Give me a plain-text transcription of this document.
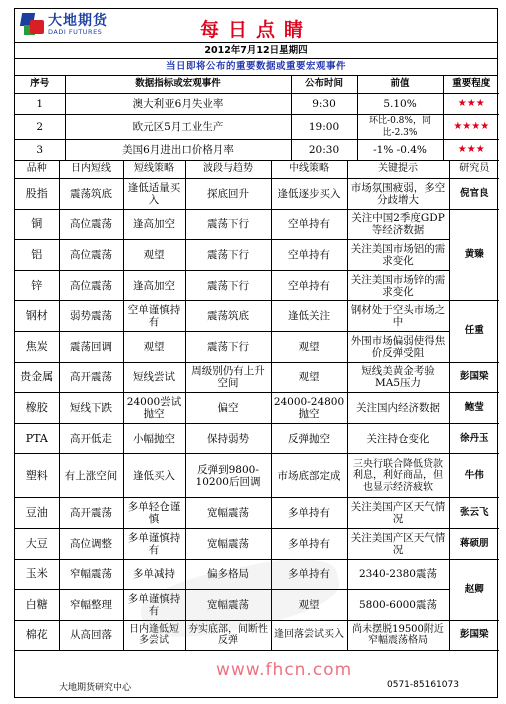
大地期货
DADI FUTURES	每日点睛
2012年7月12日星期四
当日即将公布的重要数据或重要宏观事件
序号	数据指标或宏观事件	公布时间	前值	重要程度
1	澳大利亚6月失业率	9:30	5.10%	★★★
2	欧元区5月工业生产	19:00	环比-0.8%，同比-2.3%	★★★★
3	美国6月进出口价格月率	20:30	-1% -0.4%	★★★
品种	日内短线	短线策略	波段与趋势	中线策略	关键提示	研究员
股指	震荡筑底	逢低适量买入	探底回升	逢低逐步买入	市场氛围疲弱，多空分歧增大	倪官良
铜	高位震荡	逢高加空	震荡下行	空单持有	关注中国2季度GDP等经济数据	黄臻
铝	高位震荡	观望	震荡下行	空单持有	关注美国市场铝的需求变化	
锌	高位震荡	逢高加空	震荡下行	空单持有	关注美国市场锌的需求变化	
钢材	弱势震荡	空单谨慎持有	震荡筑底	逢低关注	钢材处于空头市场之中	任重
焦炭	震荡回调	观望	震荡下行	观望	外围市场偏弱使得焦价反弹受阻	
贵金属	高开震荡	短线尝试	周级别仍有上升空间	观望	短线美黄金考验MA5压力	彭国梁
橡胶	短线下跌	24000尝试抛空	偏空	24000-24800抛空	关注国内经济数据	鲍莹
PTA	高开低走	小幅抛空	保持弱势	反弹抛空	关注持仓变化	徐丹玉
塑料	有上涨空间	逢低买入	反弹到9800-10200后回调	市场底部定成	三央行联合降低贷款利息，利好商品，但也显示经济疲软	牛伟
豆油	高开震荡	多单轻仓谨慎	宽幅震荡	多单持有	关注美国产区天气情况	张云飞
大豆	高位调整	多单谨慎持有	宽幅震荡	多单持有	关注美国产区天气情况	蒋硕朋
玉米	窄幅震荡	多单减持	偏多格局	多单持有	2340-2380震荡	赵卿
白糖	窄幅整理	多单谨慎持有	宽幅震荡	观望	5800-6000震荡	
棉花	从高回落	日内逢低短多尝试	夯实底部，间断性反弹	逢回落尝试买入	尚未摆脱19500附近窄幅震荡格局	彭国梁
大地期货研究中心	0571-85161073
www.fhcn.com
